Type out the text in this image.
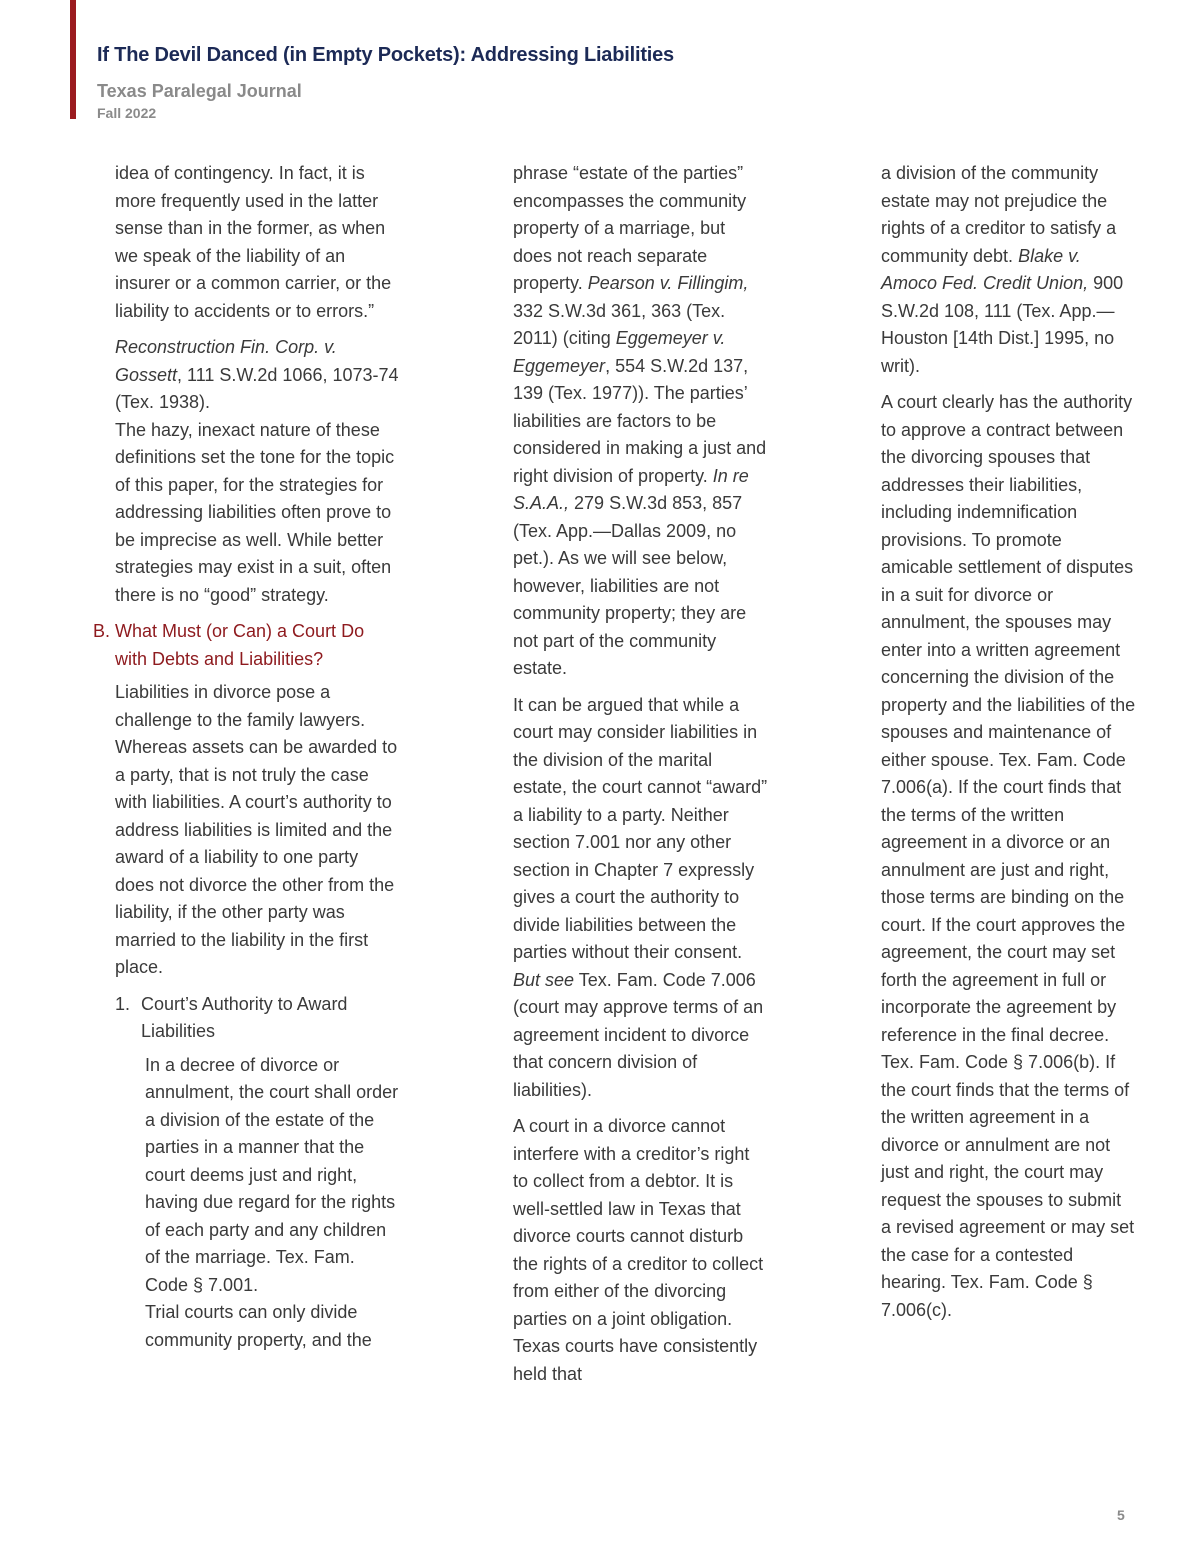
If The Devil Danced (in Empty Pockets): Addressing Liabilities
Texas Paralegal Journal
Fall 2022

idea of contingency. In fact, it is more frequently used in the latter sense than in the former, as when we speak of the liability of an insurer or a common carrier, or the liability to accidents or to errors.”

Reconstruction Fin. Corp. v. Gossett, 111 S.W.2d 1066, 1073-74 (Tex. 1938).

The hazy, inexact nature of these definitions set the tone for the topic of this paper, for the strategies for addressing liabilities often prove to be imprecise as well. While better strategies may exist in a suit, often there is no “good” strategy.

B. What Must (or Can) a Court Do with Debts and Liabilities?

Liabilities in divorce pose a challenge to the family lawyers. Whereas assets can be awarded to a party, that is not truly the case with liabilities. A court’s authority to address liabilities is limited and the award of a liability to one party does not divorce the other from the liability, if the other party was married to the liability in the first place.

1. Court’s Authority to Award Liabilities

In a decree of divorce or annulment, the court shall order a division of the estate of the parties in a manner that the court deems just and right, having due regard for the rights of each party and any children of the marriage. Tex. Fam. Code § 7.001.

Trial courts can only divide community property, and the

phrase “estate of the parties” encompasses the community property of a marriage, but does not reach separate property. Pearson v. Fillingim, 332 S.W.3d 361, 363 (Tex. 2011) (citing Eggemeyer v. Eggemeyer, 554 S.W.2d 137, 139 (Tex. 1977)). The parties’ liabilities are factors to be considered in making a just and right division of property. In re S.A.A., 279 S.W.3d 853, 857 (Tex. App.—Dallas 2009, no pet.). As we will see below, however, liabilities are not community property; they are not part of the community estate.

It can be argued that while a court may consider liabilities in the division of the marital estate, the court cannot “award” a liability to a party. Neither section 7.001 nor any other section in Chapter 7 expressly gives a court the authority to divide liabilities between the parties without their consent. But see Tex. Fam. Code 7.006 (court may approve terms of an agreement incident to divorce that concern division of liabilities).

A court in a divorce cannot interfere with a creditor’s right to collect from a debtor. It is well-settled law in Texas that divorce courts cannot disturb the rights of a creditor to collect from either of the divorcing parties on a joint obligation. Texas courts have consistently held that

a division of the community estate may not prejudice the rights of a creditor to satisfy a community debt. Blake v. Amoco Fed. Credit Union, 900 S.W.2d 108, 111 (Tex. App.—Houston [14th Dist.] 1995, no writ).

A court clearly has the authority to approve a contract between the divorcing spouses that addresses their liabilities, including indemnification provisions. To promote amicable settlement of disputes in a suit for divorce or annulment, the spouses may enter into a written agreement concerning the division of the property and the liabilities of the spouses and maintenance of either spouse. Tex. Fam. Code 7.006(a). If the court finds that the terms of the written agreement in a divorce or an annulment are just and right, those terms are binding on the court. If the court approves the agreement, the court may set forth the agreement in full or incorporate the agreement by reference in the final decree. Tex. Fam. Code § 7.006(b). If the court finds that the terms of the written agreement in a divorce or annulment are not just and right, the court may request the spouses to submit a revised agreement or may set the case for a contested hearing. Tex. Fam. Code § 7.006(c).

5
